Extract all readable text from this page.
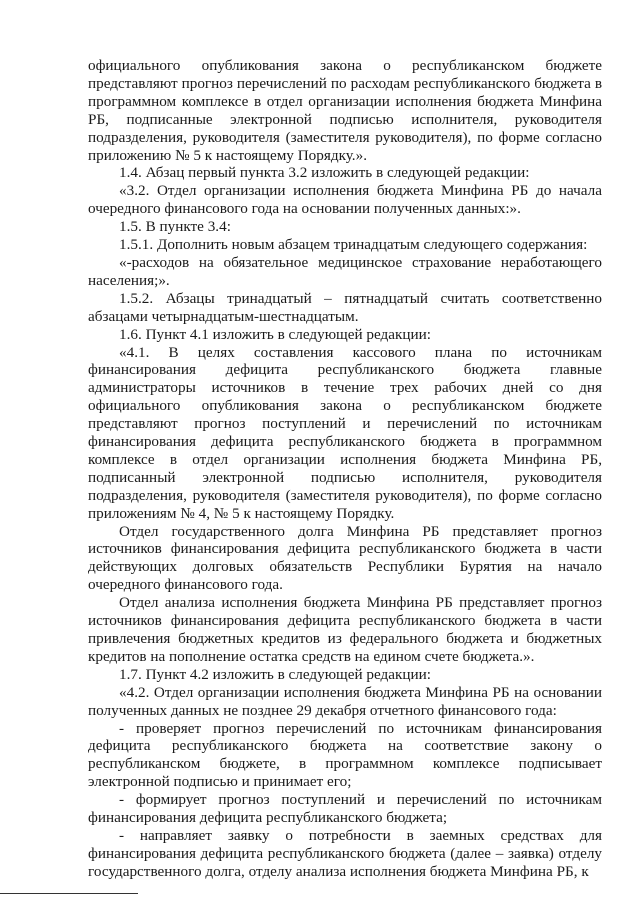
официального опубликования закона о республиканском бюджете представляют прогноз перечислений по расходам республиканского бюджета в программном комплексе в отдел организации исполнения бюджета Минфина РБ, подписанные электронной подписью исполнителя, руководителя подразделения, руководителя (заместителя руководителя), по форме согласно приложению № 5 к настоящему Порядку.».

1.4. Абзац первый пункта 3.2 изложить в следующей редакции:

«3.2. Отдел организации исполнения бюджета Минфина РБ до начала очередного финансового года на основании полученных данных:».

1.5. В пункте 3.4:

1.5.1. Дополнить новым абзацем тринадцатым следующего содержания:

«-расходов на обязательное медицинское страхование неработающего населения;».

1.5.2. Абзацы тринадцатый – пятнадцатый считать соответственно абзацами четырнадцатым-шестнадцатым.

1.6. Пункт 4.1 изложить в следующей редакции:

«4.1. В целях составления кассового плана по источникам финансирования дефицита республиканского бюджета главные администраторы источников в течение трех рабочих дней со дня официального опубликования закона о республиканском бюджете представляют прогноз поступлений и перечислений по источникам финансирования дефицита республиканского бюджета в программном комплексе в отдел организации исполнения бюджета Минфина РБ, подписанный электронной подписью исполнителя, руководителя подразделения, руководителя (заместителя руководителя), по форме согласно приложениям № 4, № 5 к настоящему Порядку.

Отдел государственного долга Минфина РБ представляет прогноз источников финансирования дефицита республиканского бюджета в части действующих долговых обязательств Республики Бурятия на начало очередного финансового года.

Отдел анализа исполнения бюджета Минфина РБ представляет прогноз источников финансирования дефицита республиканского бюджета в части привлечения бюджетных кредитов из федерального бюджета и бюджетных кредитов на пополнение остатка средств на едином счете бюджета.».

1.7. Пункт 4.2 изложить в следующей редакции:

«4.2. Отдел организации исполнения бюджета Минфина РБ на основании полученных данных не позднее 29 декабря отчетного финансового года:

- проверяет прогноз перечислений по источникам финансирования дефицита республиканского бюджета на соответствие закону о республиканском бюджете, в программном комплексе подписывает электронной подписью и принимает его;

- формирует прогноз поступлений и перечислений по источникам финансирования дефицита республиканского бюджета;

- направляет заявку о потребности в заемных средствах для финансирования дефицита республиканского бюджета (далее – заявка) отделу государственного долга, отделу анализа исполнения бюджета Минфина РБ, к
